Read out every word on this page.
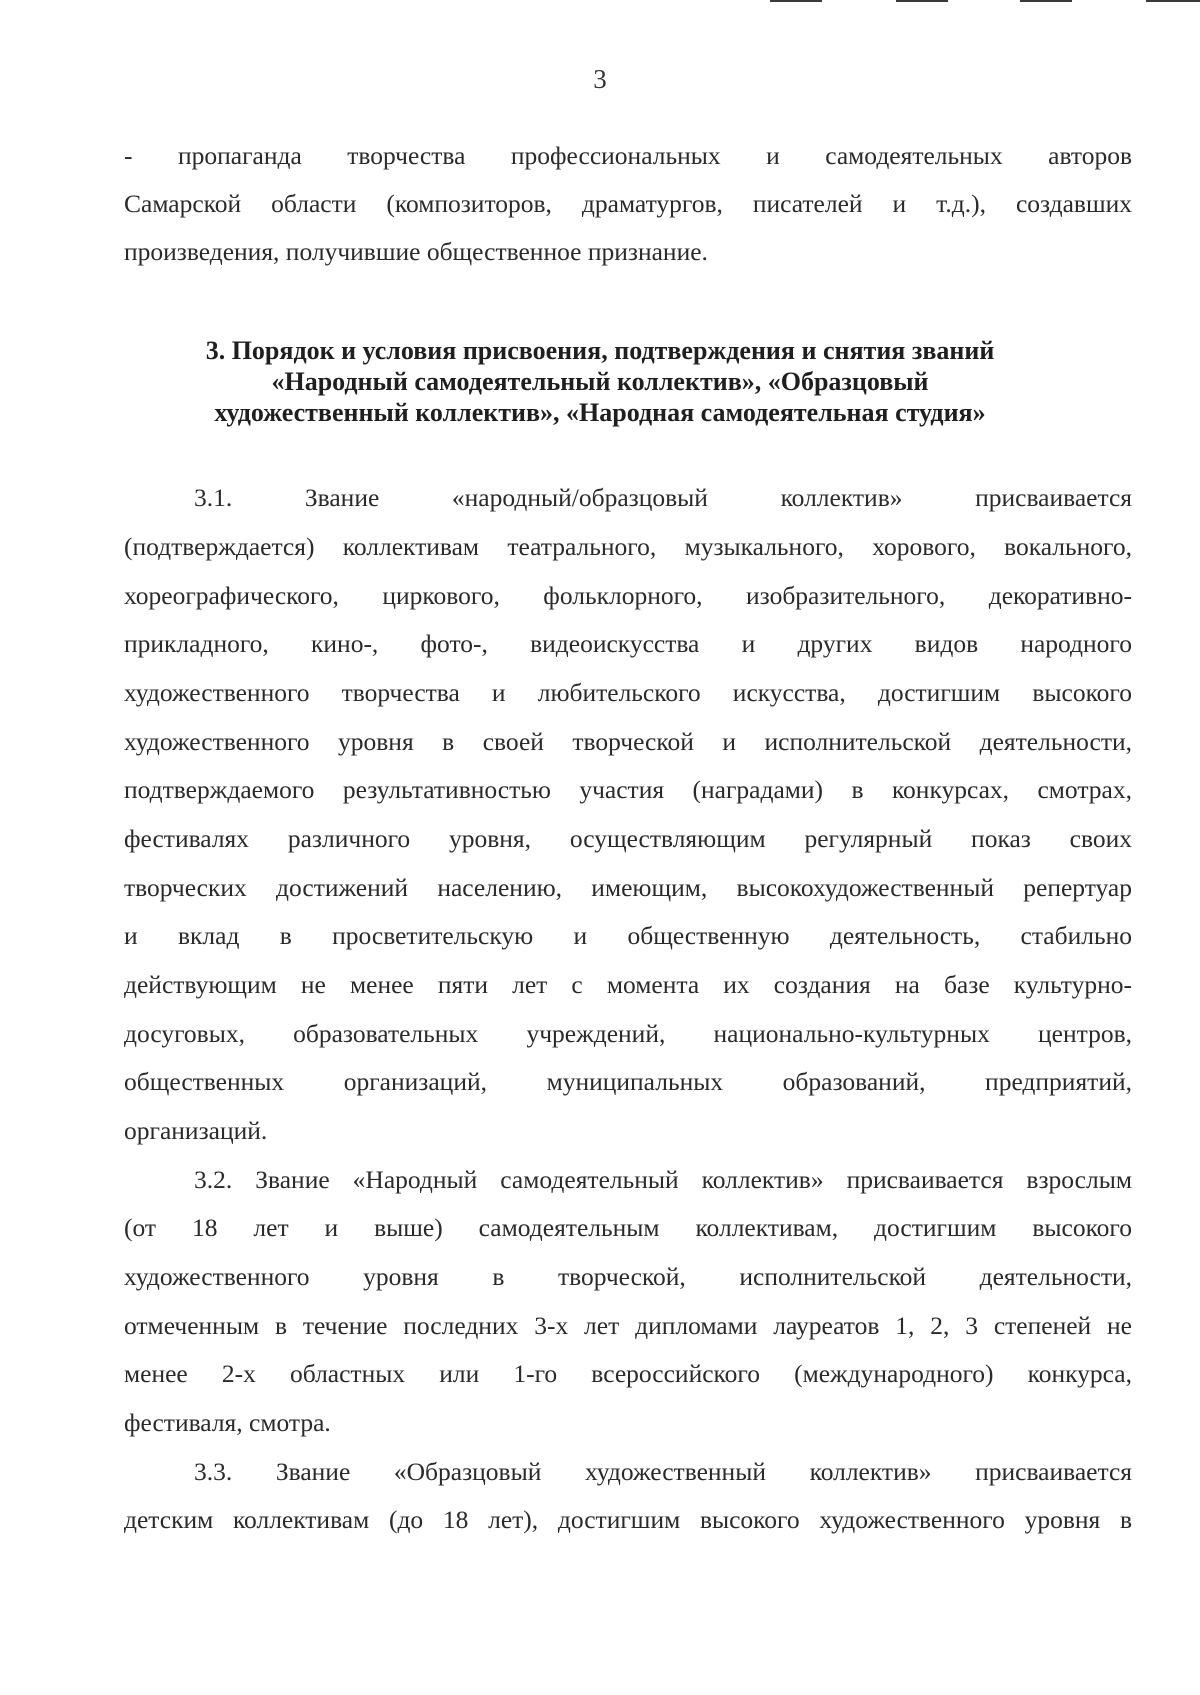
3
- пропаганда творчества профессиональных и самодеятельных авторов
Самарской области (композиторов, драматургов, писателей и т.д.), создавших
произведения, получившие общественное признание.
3. Порядок и условия присвоения, подтверждения и снятия званий
«Народный самодеятельный коллектив», «Образцовый
художественный коллектив», «Народная самодеятельная студия»
3.1. Звание «народный/образцовый коллектив» присваивается
(подтверждается) коллективам театрального, музыкального, хорового, вокального,
хореографического, циркового, фольклорного, изобразительного, декоративно-
прикладного, кино-, фото-, видеоискусства и других видов народного
художественного творчества и любительского искусства, достигшим высокого
художественного уровня в своей творческой и исполнительской деятельности,
подтверждаемого результативностью участия (наградами) в конкурсах, смотрах,
фестивалях различного уровня, осуществляющим регулярный показ своих
творческих достижений населению, имеющим, высокохудожественный репертуар
и вклад в просветительскую и общественную деятельность, стабильно
действующим не менее пяти лет с момента их создания на базе культурно-
досуговых, образовательных учреждений, национально-культурных центров,
общественных организаций, муниципальных образований, предприятий,
организаций.
3.2. Звание «Народный самодеятельный коллектив» присваивается взрослым
(от 18 лет и выше) самодеятельным коллективам, достигшим высокого
художественного уровня в творческой, исполнительской деятельности,
отмеченным в течение последних 3-х лет дипломами лауреатов 1, 2, 3 степеней не
менее 2-х областных или 1-го всероссийского (международного) конкурса,
фестиваля, смотра.
3.3. Звание «Образцовый художественный коллектив» присваивается
детским коллективам (до 18 лет), достигшим высокого художественного уровня в
